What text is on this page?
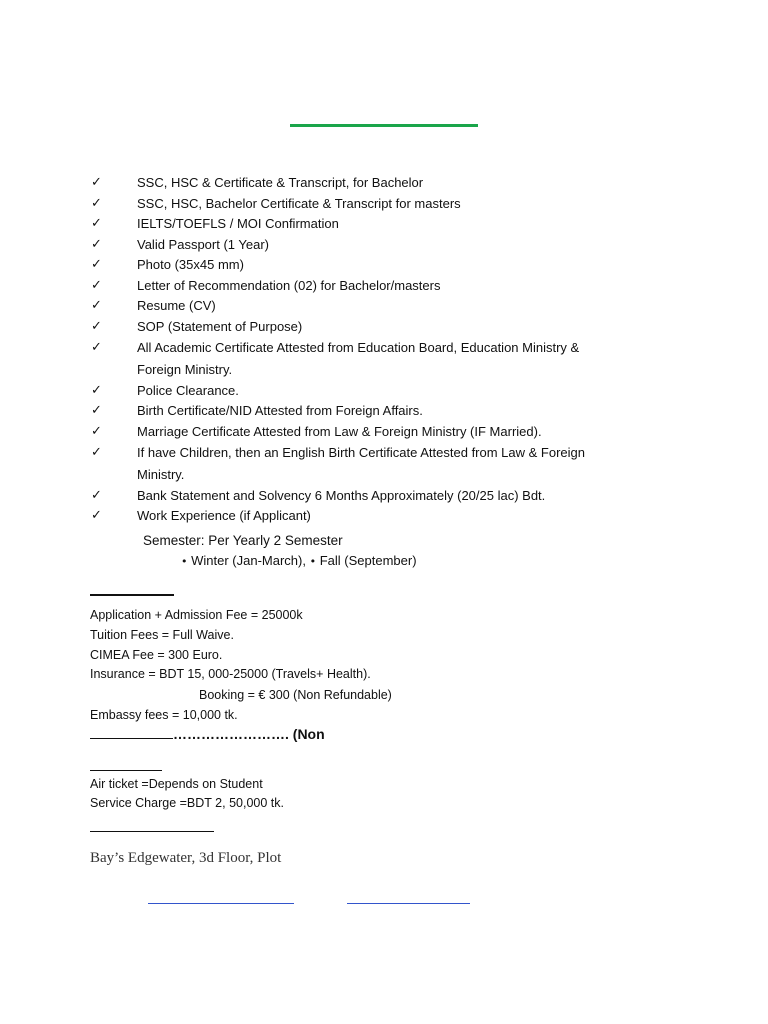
✓	SSC, HSC & Certificate & Transcript, for Bachelor
✓	SSC, HSC, Bachelor Certificate & Transcript for masters
✓	IELTS/TOEFLS / MOI Confirmation
✓	Valid Passport (1 Year)
✓	Photo (35x45 mm)
✓	Letter of Recommendation (02) for Bachelor/masters
✓	Resume (CV)
✓	SOP (Statement of Purpose)
✓	All Academic Certificate Attested from Education Board, Education Ministry &
Foreign Ministry.
✓	Police Clearance.
✓	Birth Certificate/NID Attested from Foreign Affairs.
✓	Marriage Certificate Attested from Law & Foreign Ministry (IF Married).
✓	If have Children, then an English Birth Certificate Attested from Law & Foreign
Ministry.
✓	Bank Statement and Solvency 6 Months Approximately (20/25 lac) Bdt.
✓	Work Experience (if Applicant)
Semester: Per Yearly 2 Semester
• Winter (Jan-March), • Fall (September)
Application + Admission Fee = 25000k
Tuition Fees = Full Waive.
CIMEA Fee = 300 Euro.
Insurance = BDT 15, 000-25000 (Travels+ Health).
Booking = € 300 (Non Refundable)
Embassy fees = 10,000 tk.
……………………. (Non
Air ticket =Depends on Student
Service Charge =BDT 2, 50,000 tk.
Bay’s Edgewater, 3d Floor, Plot
